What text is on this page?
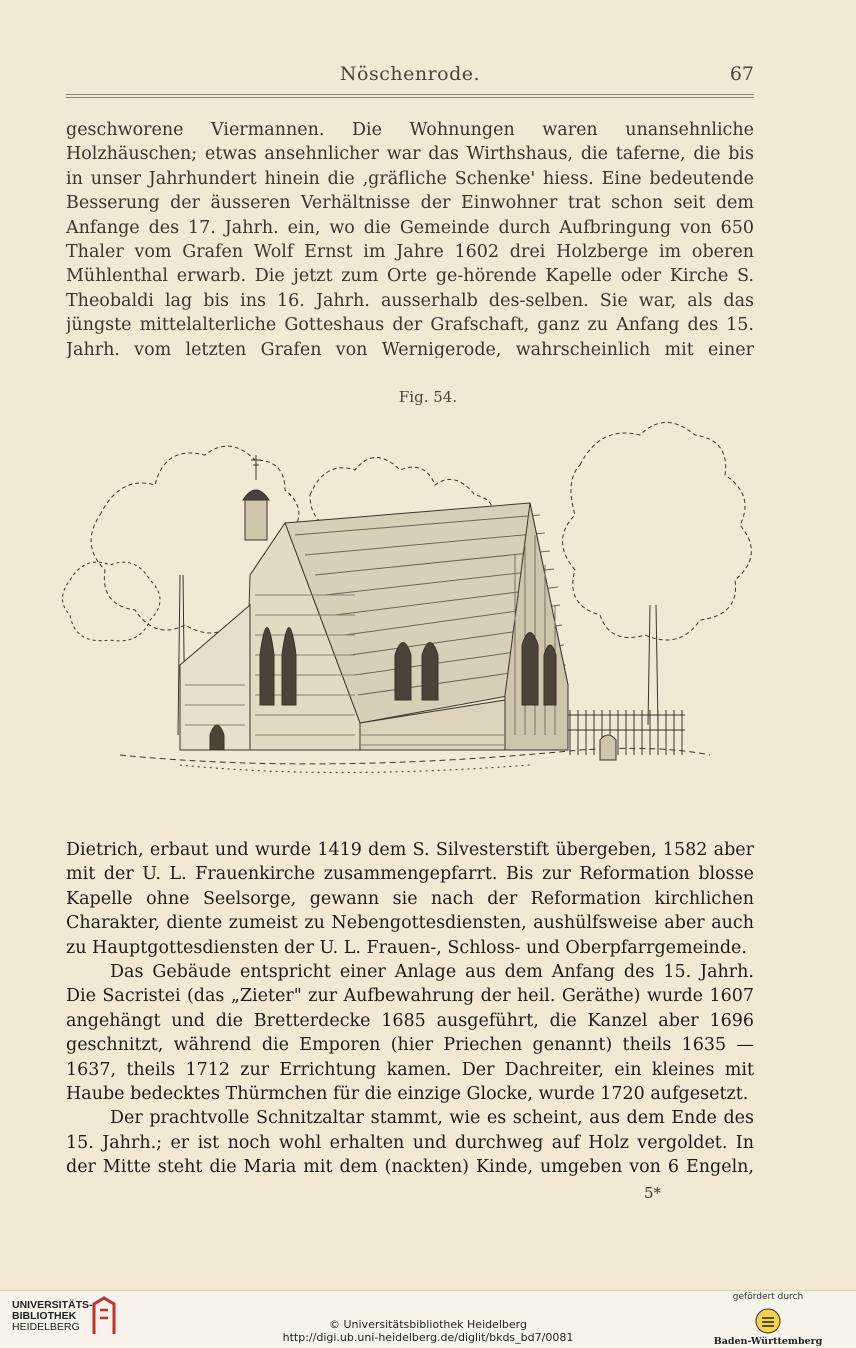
Nöschenrode.	67

geschworene Viermannen. Die Wohnungen waren unansehnliche Holzhäuschen; etwas ansehnlicher war das Wirthshaus, die taferne, die bis in unser Jahrhundert hinein die ‚gräfliche Schenke' hiess. Eine bedeutende Besserung der äusseren Verhältnisse der Einwohner trat schon seit dem Anfange des 17. Jahrh. ein, wo die Gemeinde durch Aufbringung von 650 Thaler vom Grafen Wolf Ernst im Jahre 1602 drei Holzberge im oberen Mühlenthal erwarb. Die jetzt zum Orte ge-hörende Kapelle oder Kirche S. Theobaldi lag bis ins 16. Jahrh. ausserhalb des-selben. Sie war, als das jüngste mittelalterliche Gotteshaus der Grafschaft, ganz zu Anfang des 15. Jahrh. vom letzten Grafen von Wernigerode, wahrscheinlich mit einer

Fig. 54.

Dietrich, erbaut und wurde 1419 dem S. Silvesterstift übergeben, 1582 aber mit der U. L. Frauenkirche zusammengepfarrt. Bis zur Reformation blosse Kapelle ohne Seelsorge, gewann sie nach der Reformation kirchlichen Charakter, diente zumeist zu Nebengottesdiensten, aushülfsweise aber auch zu Hauptgottesdiensten der U. L. Frauen-, Schloss- und Oberpfarrgemeinde.

Das Gebäude entspricht einer Anlage aus dem Anfang des 15. Jahrh. Die Sacristei (das „Zieter" zur Aufbewahrung der heil. Geräthe) wurde 1607 angehängt und die Bretterdecke 1685 ausgeführt, die Kanzel aber 1696 geschnitzt, während die Emporen (hier Priechen genannt) theils 1635 — 1637, theils 1712 zur Errichtung kamen. Der Dachreiter, ein kleines mit Haube bedecktes Thürmchen für die einzige Glocke, wurde 1720 aufgesetzt.

Der prachtvolle Schnitzaltar stammt, wie es scheint, aus dem Ende des 15. Jahrh.; er ist noch wohl erhalten und durchweg auf Holz vergoldet. In der Mitte steht die Maria mit dem (nackten) Kinde, umgeben von 6 Engeln,

5*
UNIVERSITÄTS-
BIBLIOTHEK
HEIDELBERG	© Universitätsbibliothek Heidelberg
http://digi.ub.uni-heidelberg.de/diglit/bkds_bd7/0081
gefördert durch
Baden-Württemberg
